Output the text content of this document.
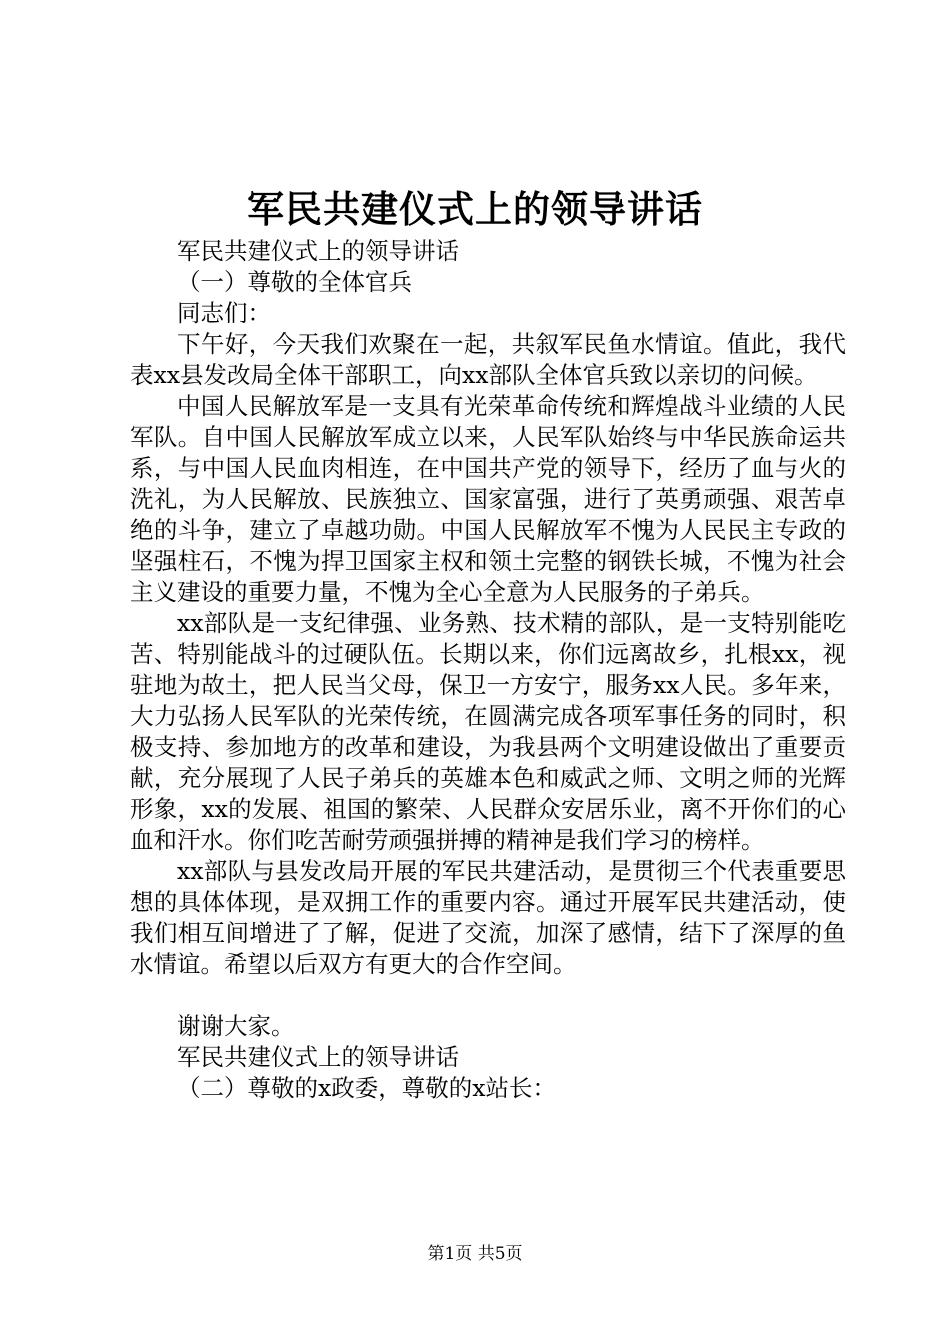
军民共建仪式上的领导讲话

军民共建仪式上的领导讲话

（一）尊敬的全体官兵

同志们：

下午好，今天我们欢聚在一起，共叙军民鱼水情谊。值此，我代表xx县发改局全体干部职工，向xx部队全体官兵致以亲切的问候。

中国人民解放军是一支具有光荣革命传统和辉煌战斗业绩的人民军队。自中国人民解放军成立以来，人民军队始终与中华民族命运共系，与中国人民血肉相连，在中国共产党的领导下，经历了血与火的洗礼，为人民解放、民族独立、国家富强，进行了英勇顽强、艰苦卓绝的斗争，建立了卓越功勋。中国人民解放军不愧为人民民主专政的坚强柱石，不愧为捍卫国家主权和领土完整的钢铁长城，不愧为社会主义建设的重要力量，不愧为全心全意为人民服务的子弟兵。

xx部队是一支纪律强、业务熟、技术精的部队，是一支特别能吃苦、特别能战斗的过硬队伍。长期以来，你们远离故乡，扎根xx，视驻地为故土，把人民当父母，保卫一方安宁，服务xx人民。多年来，大力弘扬人民军队的光荣传统，在圆满完成各项军事任务的同时，积极支持、参加地方的改革和建设，为我县两个文明建设做出了重要贡献，充分展现了人民子弟兵的英雄本色和威武之师、文明之师的光辉形象，xx的发展、祖国的繁荣、人民群众安居乐业，离不开你们的心血和汗水。你们吃苦耐劳顽强拼搏的精神是我们学习的榜样。

xx部队与县发改局开展的军民共建活动，是贯彻三个代表重要思想的具体体现，是双拥工作的重要内容。通过开展军民共建活动，使我们相互间增进了了解，促进了交流，加深了感情，结下了深厚的鱼水情谊。希望以后双方有更大的合作空间。

谢谢大家。

军民共建仪式上的领导讲话

（二）尊敬的x政委，尊敬的x站长：

第1页 共5页
